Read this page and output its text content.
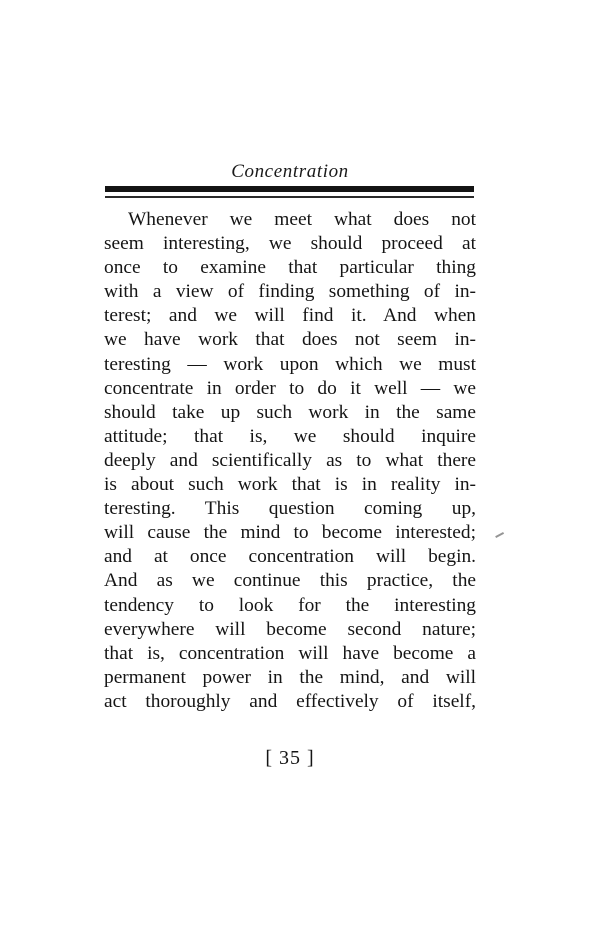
Concentration
Whenever we meet what does not
seem interesting, we should proceed at
once to examine that particular thing
with a view of finding something of in-
terest; and we will find it. And when
we have work that does not seem in-
teresting — work upon which we must
concentrate in order to do it well — we
should take up such work in the same
attitude; that is, we should inquire
deeply and scientifically as to what there
is about such work that is in reality in-
teresting. This question coming up,
will cause the mind to become interested;
and at once concentration will begin.
And as we continue this practice, the
tendency to look for the interesting
everywhere will become second nature;
that is, concentration will have become a
permanent power in the mind, and will
act thoroughly and effectively of itself,
[ 35 ]
